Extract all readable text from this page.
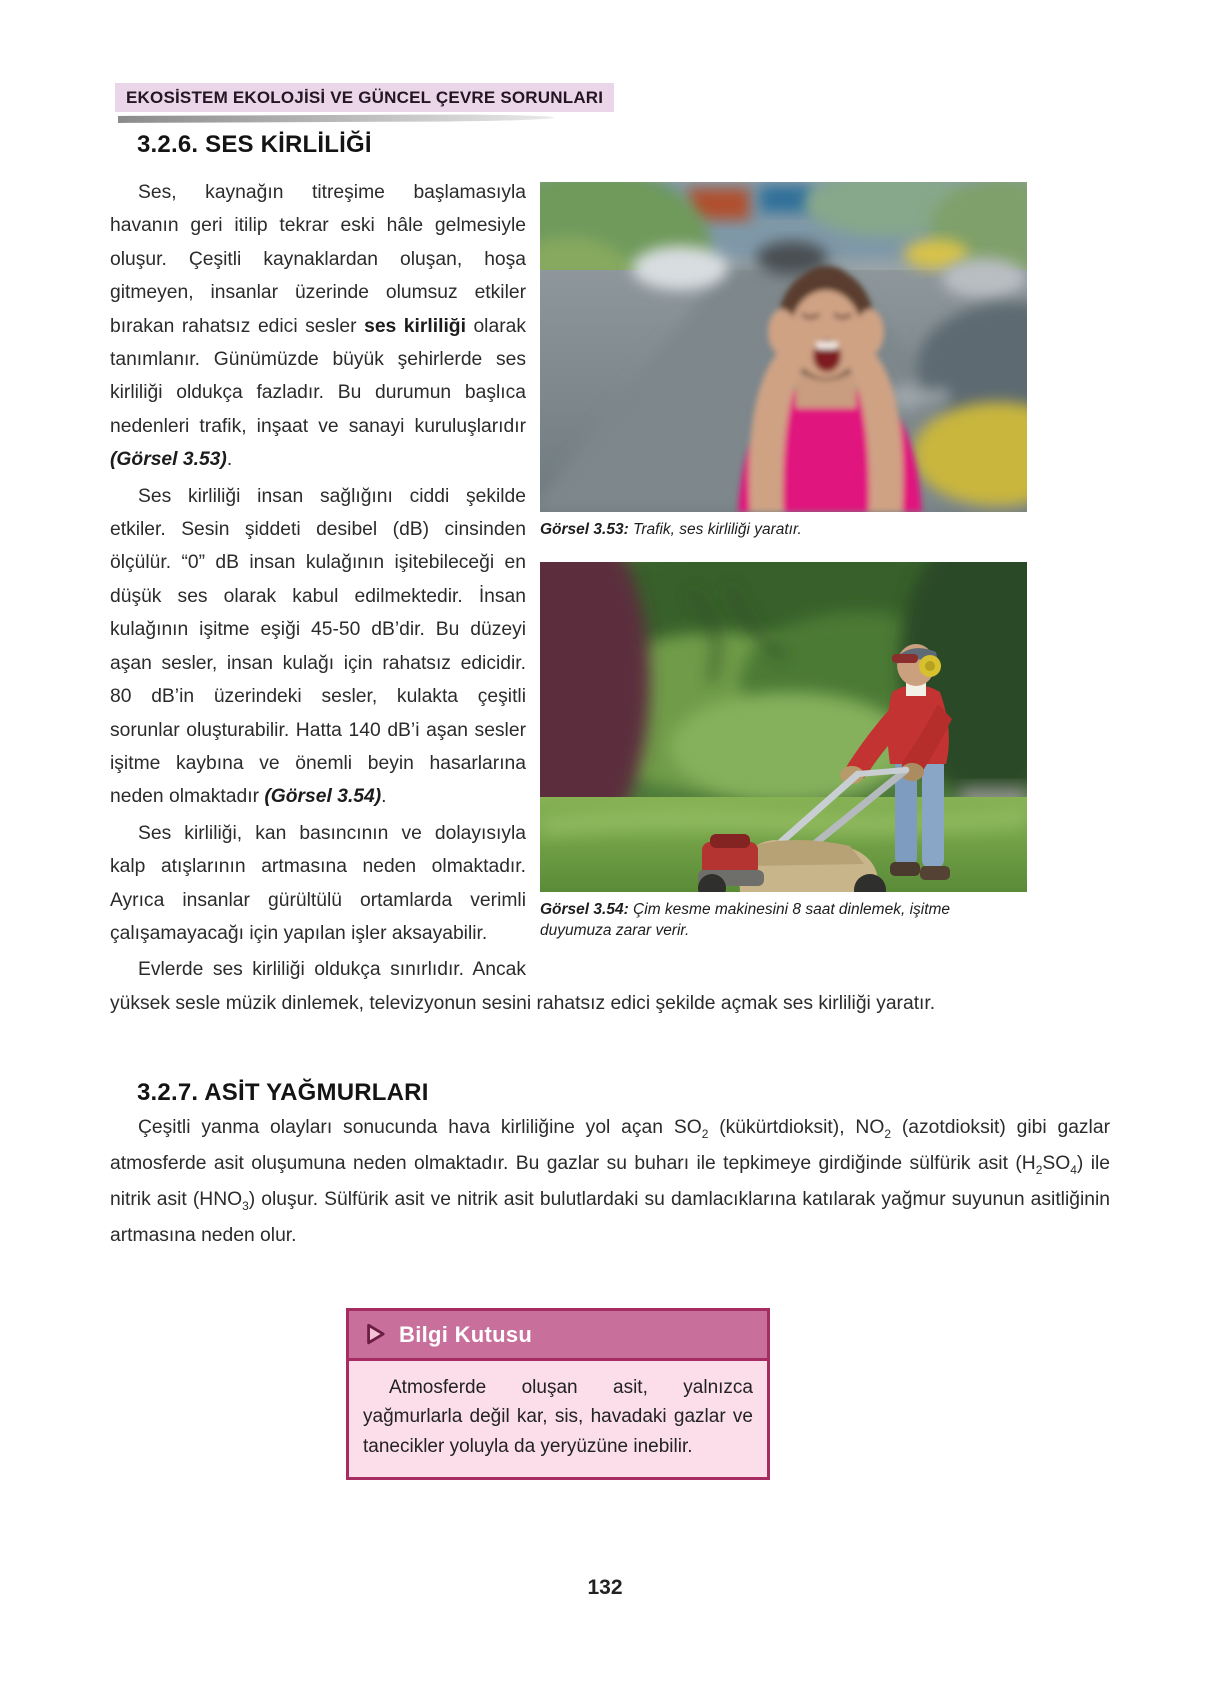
EKOSİSTEM EKOLOJİSİ VE GÜNCEL ÇEVRE SORUNLARI
3.2.6. SES KİRLİLİĞİ
Görsel 3.53: Trafik, ses kirliliği yaratır.
Görsel 3.54: Çim kesme makinesini 8 saat dinlemek, işitme duyumuza zarar verir.

Ses, kaynağın titreşime başlamasıyla havanın geri itilip tekrar eski hâle gelmesiyle oluşur. Çeşitli kaynaklardan oluşan, hoşa gitmeyen, insanlar üzerinde olumsuz etkiler bırakan rahatsız edici sesler ses kirliliği olarak tanımlanır. Günümüzde büyük şehirlerde ses kirliliği oldukça fazladır. Bu durumun başlıca nedenleri trafik, inşaat ve sanayi kuruluşlarıdır (Görsel 3.53).

Ses kirliliği insan sağlığını ciddi şekilde etkiler. Sesin şiddeti desibel (dB) cinsinden ölçülür. “0” dB insan kulağının işitebileceği en düşük ses olarak kabul edilmektedir. İnsan kulağının işitme eşiği 45-50 dB’dir. Bu düzeyi aşan sesler, insan kulağı için rahatsız edicidir. 80 dB’in üzerindeki sesler, kulakta çeşitli sorunlar oluşturabilir. Hatta 140 dB’i aşan sesler işitme kaybına ve önemli beyin hasarlarına neden olmaktadır (Görsel 3.54).

Ses kirliliği, kan basıncının ve dolayısıyla kalp atışlarının artmasına neden olmaktadır. Ayrıca insanlar gürültülü ortamlarda verimli çalışamayacağı için yapılan işler aksayabilir.

Evlerde ses kirliliği oldukça sınırlıdır. Ancak yüksek sesle müzik dinlemek, televizyonun sesini rahatsız edici şekilde açmak ses kirliliği yaratır.

3.2.7. ASİT YAĞMURLARI

Çeşitli yanma olayları sonucunda hava kirliliğine yol açan $SO_2$ (kükürtdioksit), $NO_2$ (azotdioksit) gibi gazlar atmosferde asit oluşumuna neden olmaktadır. Bu gazlar su buharı ile tepkimeye girdiğinde sülfürik asit $(H_2SO_4)$ ile nitrik asit $(HNO_3)$ oluşur. Sülfürik asit ve nitrik asit bulutlardaki su damlacıklarına katılarak yağmur suyunun asitliğinin artmasına neden olur.

Bilgi Kutusu

Atmosferde oluşan asit, yalnızca yağmurlarla değil kar, sis, havadaki gazlar ve tanecikler yoluyla da yeryüzüne inebilir.

132
